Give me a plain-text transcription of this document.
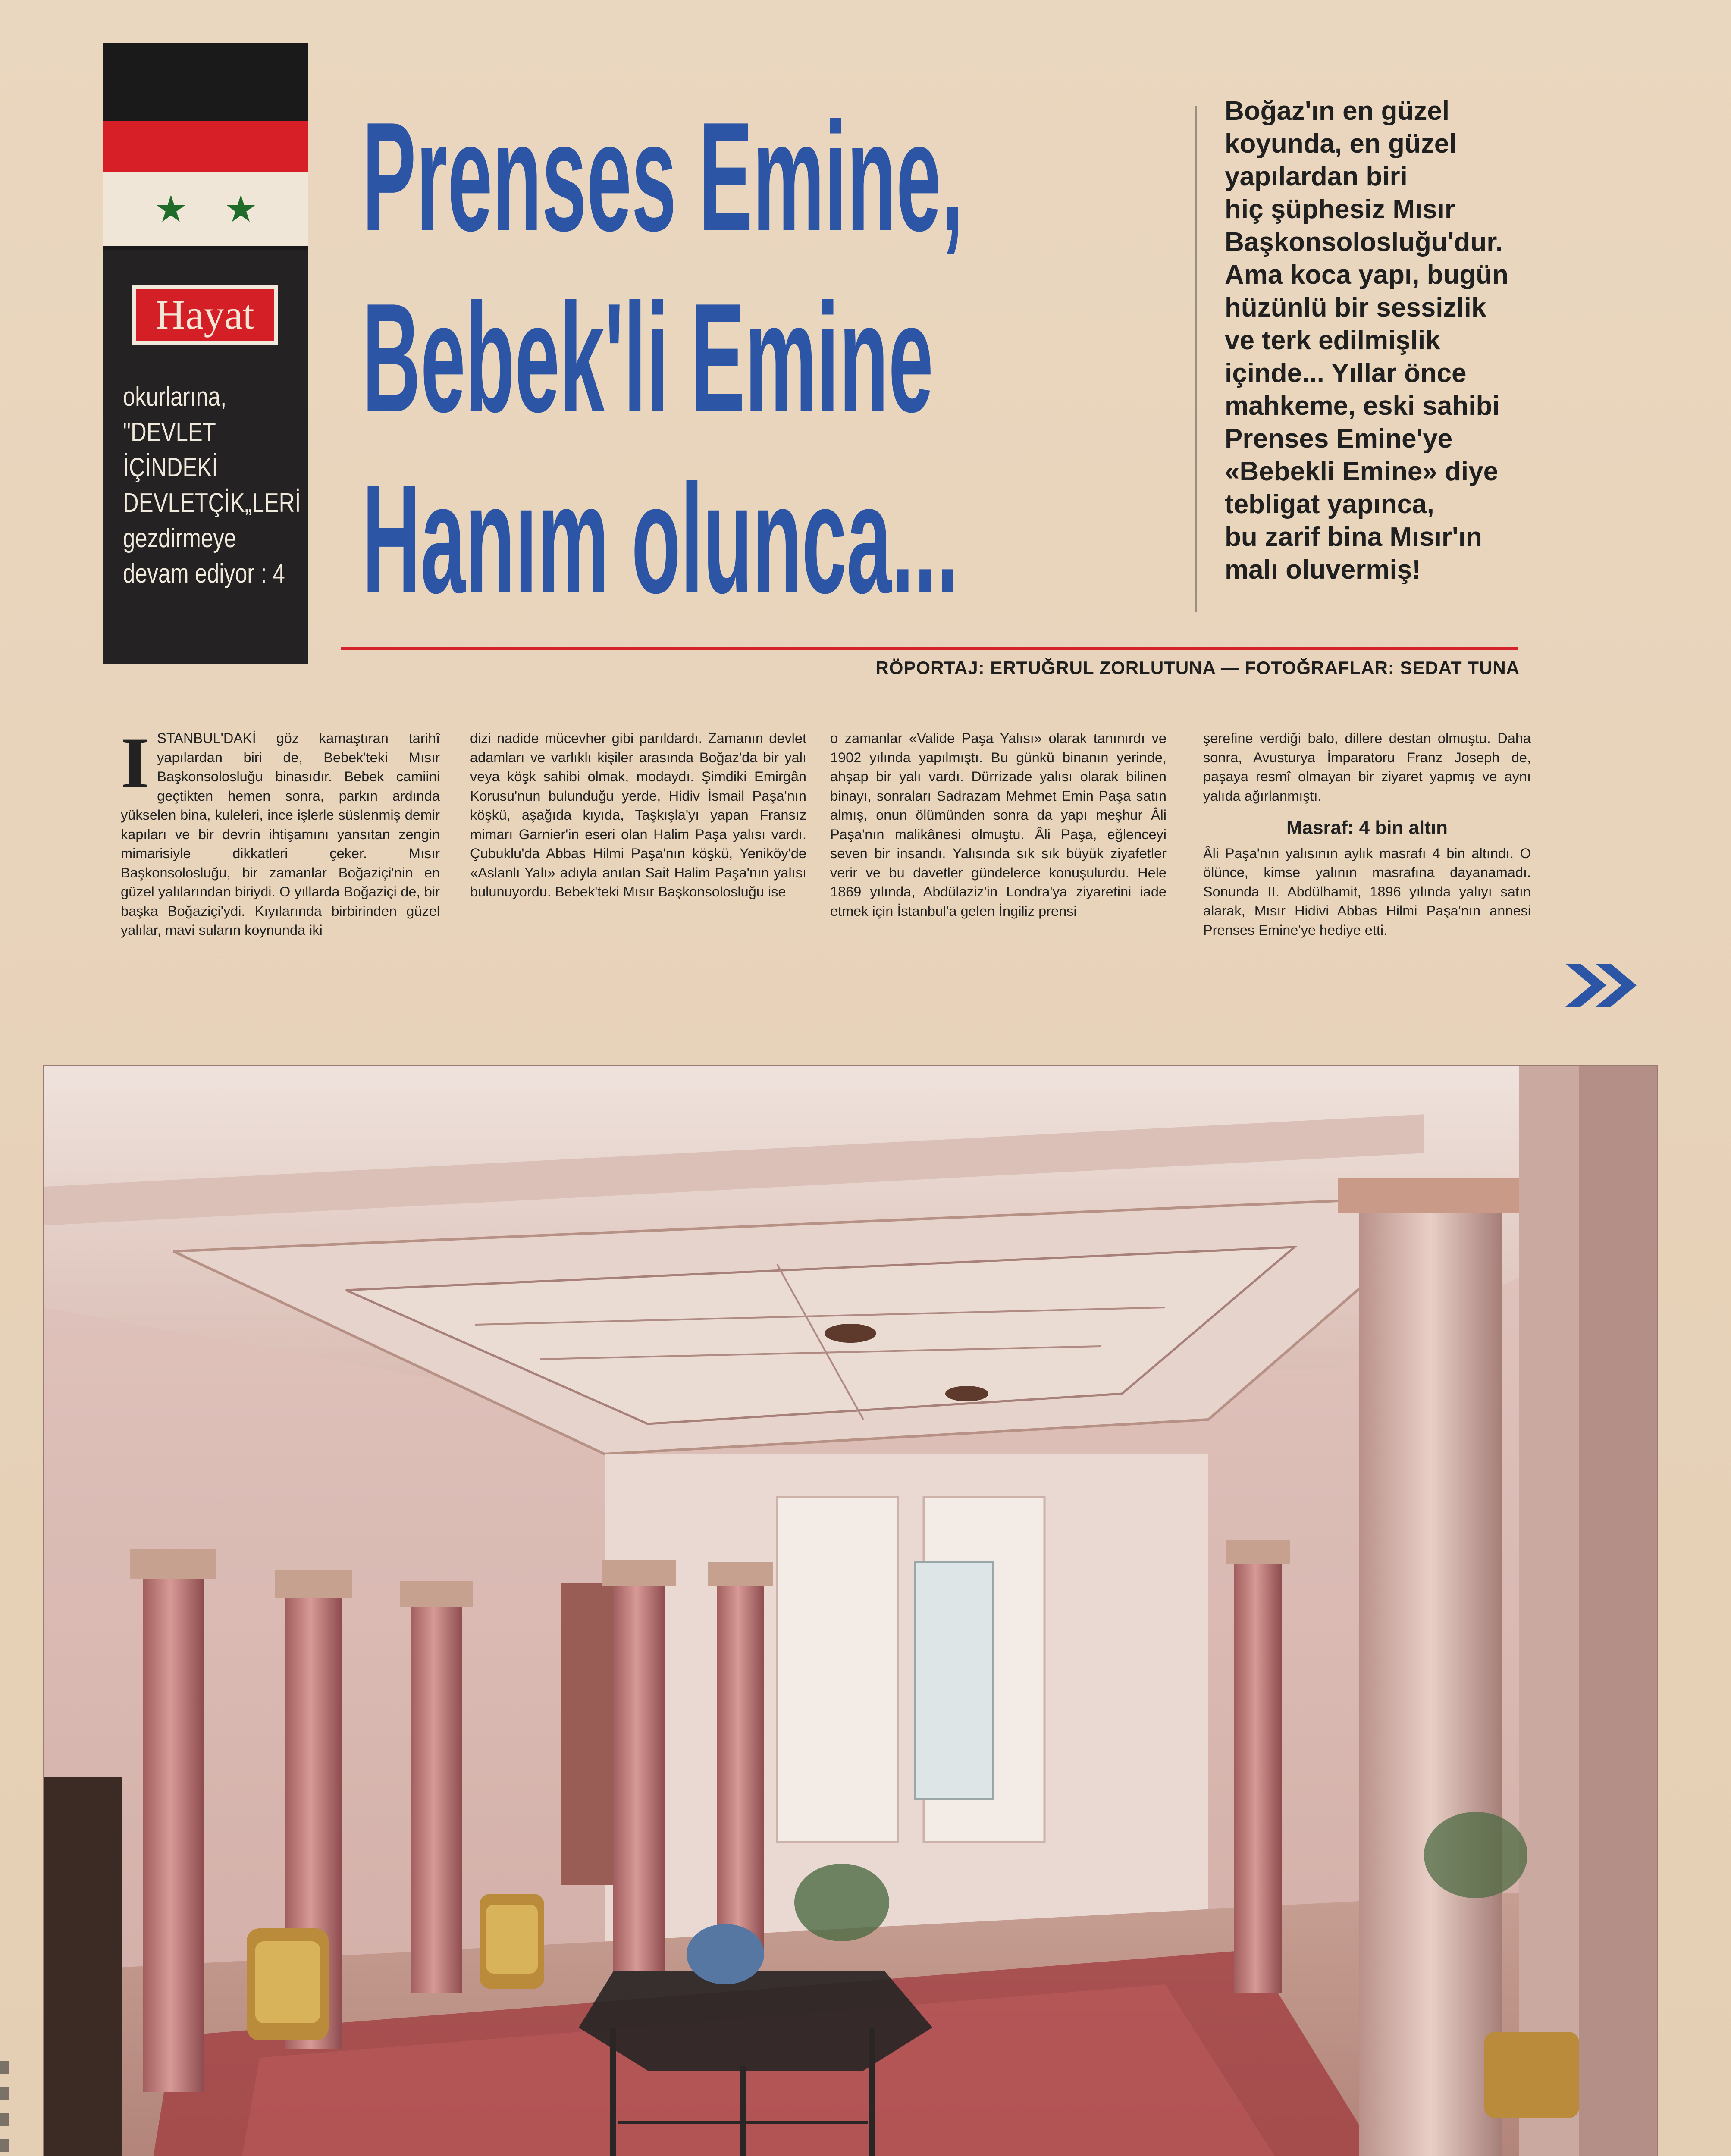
★ ★
Hayat
okurlarına,
"DEVLET
İÇİNDEKİ
DEVLETÇİK„LERİ
gezdirmeye
devam ediyor : 4
Prenses Emine,
Bebek'li Emine
Hanım olunca...
Boğaz'ın en güzel
koyunda, en güzel
yapılardan biri
hiç şüphesiz Mısır
Başkonsolosluğu'dur.
Ama koca yapı, bugün
hüzünlü bir sessizlik
ve terk edilmişlik
içinde... Yıllar önce
mahkeme, eski sahibi
Prenses Emine'ye
«Bebekli Emine» diye
tebligat yapınca,
bu zarif bina Mısır'ın
malı oluvermiş!
RÖPORTAJ: ERTUĞRUL ZORLUTUNA — FOTOĞRAFLAR: SEDAT TUNA
I STANBUL'DAKİ göz kamaştıran tarihî yapılardan biri de, Bebek'teki Mısır Başkonsolosluğu binasıdır. Bebek camiini geçtikten hemen sonra, parkın ardında yükselen bina, kuleleri, ince işlerle süslenmiş demir kapıları ve bir devrin ihtişamını yansıtan zengin mimarisiyle dikkatleri çeker. Mısır Başkonsolosluğu, bir zamanlar Boğaziçi'nin en güzel yalılarından biriydi. O yıllarda Boğaziçi de, bir başka Boğaziçi'ydi. Kıyılarında birbirinden güzel yalılar, mavi suların koynunda iki

dizi nadide mücevher gibi parıldardı. Zamanın devlet adamları ve varlıklı kişiler arasında Boğaz'da bir yalı veya köşk sahibi olmak, modaydı. Şimdiki Emirgân Korusu'nun bulunduğu yerde, Hidiv İsmail Paşa'nın köşkü, aşağıda kıyıda, Taşkışla'yı yapan Fransız mimarı Garnier'in eseri olan Halim Paşa yalısı vardı. Çubuklu'da Abbas Hilmi Paşa'nın köşkü, Yeniköy'de «Aslanlı Yalı» adıyla anılan Sait Halim Paşa'nın yalısı bulunuyordu. Bebek'teki Mısır Başkonsolosluğu ise

o zamanlar «Valide Paşa Yalısı» olarak tanınırdı ve 1902 yılında yapılmıştı. Bu günkü binanın yerinde, ahşap bir yalı vardı. Dürrizade yalısı olarak bilinen binayı, sonraları Sadrazam Mehmet Emin Paşa satın almış, onun ölümünden sonra da yapı meşhur Âli Paşa'nın malikânesi olmuştu. Âli Paşa, eğlenceyi seven bir insandı. Yalısında sık sık büyük ziyafetler verir ve bu davetler gündelerce konuşulurdu. Hele 1869 yılında, Abdülaziz'in Londra'ya ziyaretini iade etmek için İstanbul'a gelen İngiliz prensi

şerefine verdiği balo, dillere destan olmuştu. Daha sonra, Avusturya İmparatoru Franz Joseph de, paşaya resmî olmayan bir ziyaret yapmış ve aynı yalıda ağırlanmıştı.

Masraf: 4 bin altın

Âli Paşa'nın yalısının aylık masrafı 4 bin altındı. O ölünce, kimse yalının masrafına dayanamadı. Sonunda II. Abdülhamit, 1896 yılında yalıyı satın alarak, Mısır Hidivi Abbas Hilmi Paşa'nın annesi Prenses Emine'ye hediye etti.
